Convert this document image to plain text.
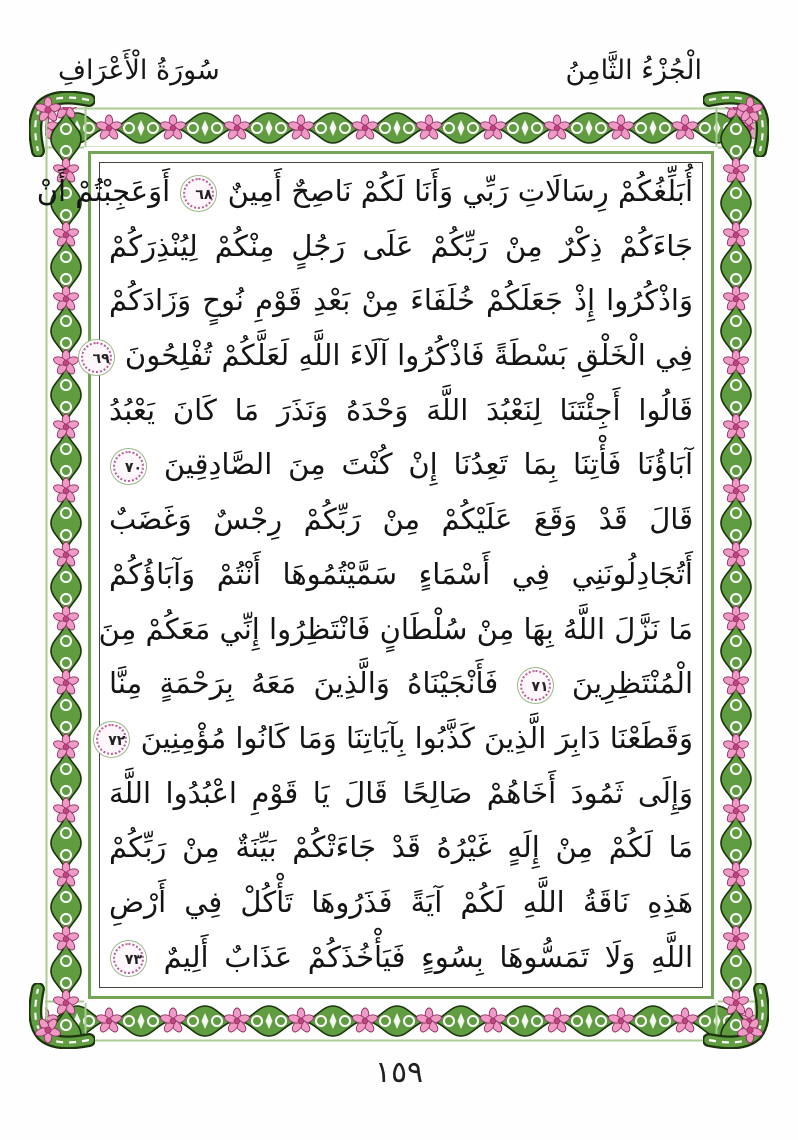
سُورَةُ الْأَعْرَافِ	الْجُزْءُ الثَّامِنُ
أُبَلِّغُكُمْ رِسَالَاتِ رَبِّي وَأَنَا لَكُمْ نَاصِحٌ أَمِينٌ ٦٨ أَوَعَجِبْتُمْ أَنْ
جَاءَكُمْ ذِكْرٌ مِنْ رَبِّكُمْ عَلَى رَجُلٍ مِنْكُمْ لِيُنْذِرَكُمْ
وَاذْكُرُوا إِذْ جَعَلَكُمْ خُلَفَاءَ مِنْ بَعْدِ قَوْمِ نُوحٍ وَزَادَكُمْ
فِي الْخَلْقِ بَسْطَةً فَاذْكُرُوا آلَاءَ اللَّهِ لَعَلَّكُمْ تُفْلِحُونَ ٦٩
قَالُوا أَجِئْتَنَا لِنَعْبُدَ اللَّهَ وَحْدَهُ وَنَذَرَ مَا كَانَ يَعْبُدُ
آبَاؤُنَا فَأْتِنَا بِمَا تَعِدُنَا إِنْ كُنْتَ مِنَ الصَّادِقِينَ ٧٠
قَالَ قَدْ وَقَعَ عَلَيْكُمْ مِنْ رَبِّكُمْ رِجْسٌ وَغَضَبٌ
أَتُجَادِلُونَنِي فِي أَسْمَاءٍ سَمَّيْتُمُوهَا أَنْتُمْ وَآبَاؤُكُمْ
مَا نَزَّلَ اللَّهُ بِهَا مِنْ سُلْطَانٍ فَانْتَظِرُوا إِنِّي مَعَكُمْ مِنَ
الْمُنْتَظِرِينَ ٧١ فَأَنْجَيْنَاهُ وَالَّذِينَ مَعَهُ بِرَحْمَةٍ مِنَّا
وَقَطَعْنَا دَابِرَ الَّذِينَ كَذَّبُوا بِآيَاتِنَا وَمَا كَانُوا مُؤْمِنِينَ ٧٢
وَإِلَى ثَمُودَ أَخَاهُمْ صَالِحًا قَالَ يَا قَوْمِ اعْبُدُوا اللَّهَ
مَا لَكُمْ مِنْ إِلَهٍ غَيْرُهُ قَدْ جَاءَتْكُمْ بَيِّنَةٌ مِنْ رَبِّكُمْ
هَذِهِ نَاقَةُ اللَّهِ لَكُمْ آيَةً فَذَرُوهَا تَأْكُلْ فِي أَرْضِ
اللَّهِ وَلَا تَمَسُّوهَا بِسُوءٍ فَيَأْخُذَكُمْ عَذَابٌ أَلِيمٌ ٧٣
١٥٩
